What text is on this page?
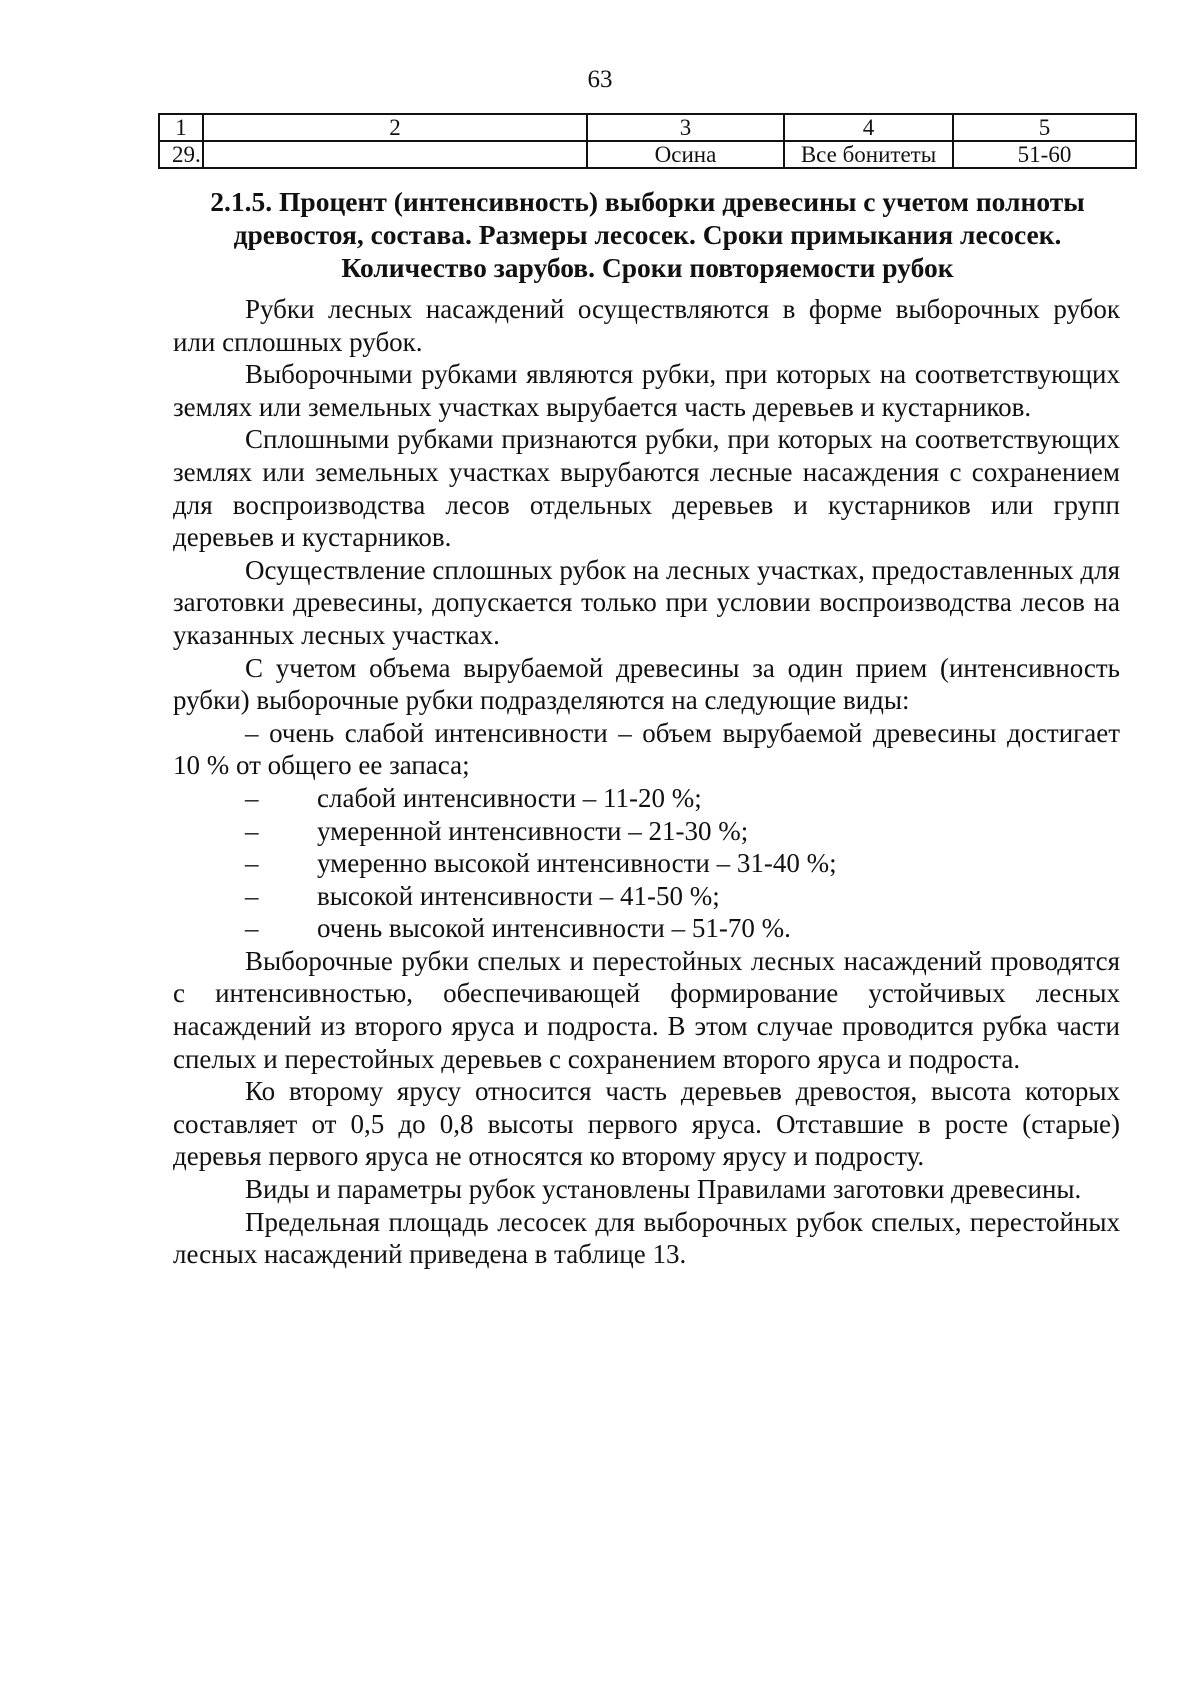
63
1	2	3	4	5
29.		Осина	Все бонитеты	51-60
2.1.5. Процент (интенсивность) выборки древесины с учетом полноты
древостоя, состава. Размеры лесосек. Сроки примыкания лесосек.
Количество зарубов. Сроки повторяемости рубок

Рубки лесных насаждений осуществляются в форме выборочных рубок или сплошных рубок.

Выборочными рубками являются рубки, при которых на соответствующих землях или земельных участках вырубается часть деревьев и кустарников.

Сплошными рубками признаются рубки, при которых на соответствующих землях или земельных участках вырубаются лесные насаждения с сохранением для воспроизводства лесов отдельных деревьев и кустарников или групп деревьев и кустарников.

Осуществление сплошных рубок на лесных участках, предоставленных для заготовки древесины, допускается только при условии воспроизводства лесов на указанных лесных участках.

С учетом объема вырубаемой древесины за один прием (интенсивность рубки) выборочные рубки подразделяются на следующие виды:

– очень слабой интенсивности – объем вырубаемой древесины достигает 10 % от общего ее запаса;

–	слабой интенсивности – 11-20 %;
–	умеренной интенсивности – 21-30 %;
–	умеренно высокой интенсивности – 31-40 %;
–	высокой интенсивности – 41-50 %;
–	очень высокой интенсивности – 51-70 %.

Выборочные рубки спелых и перестойных лесных насаждений проводятся с интенсивностью, обеспечивающей формирование устойчивых лесных насаждений из второго яруса и подроста. В этом случае проводится рубка части спелых и перестойных деревьев с сохранением второго яруса и подроста.

Ко второму ярусу относится часть деревьев древостоя, высота которых составляет от 0,5 до 0,8 высоты первого яруса. Отставшие в росте (старые) деревья первого яруса не относятся ко второму ярусу и подросту.

Виды и параметры рубок установлены Правилами заготовки древесины.

Предельная площадь лесосек для выборочных рубок спелых, перестойных лесных насаждений приведена в таблице 13.
